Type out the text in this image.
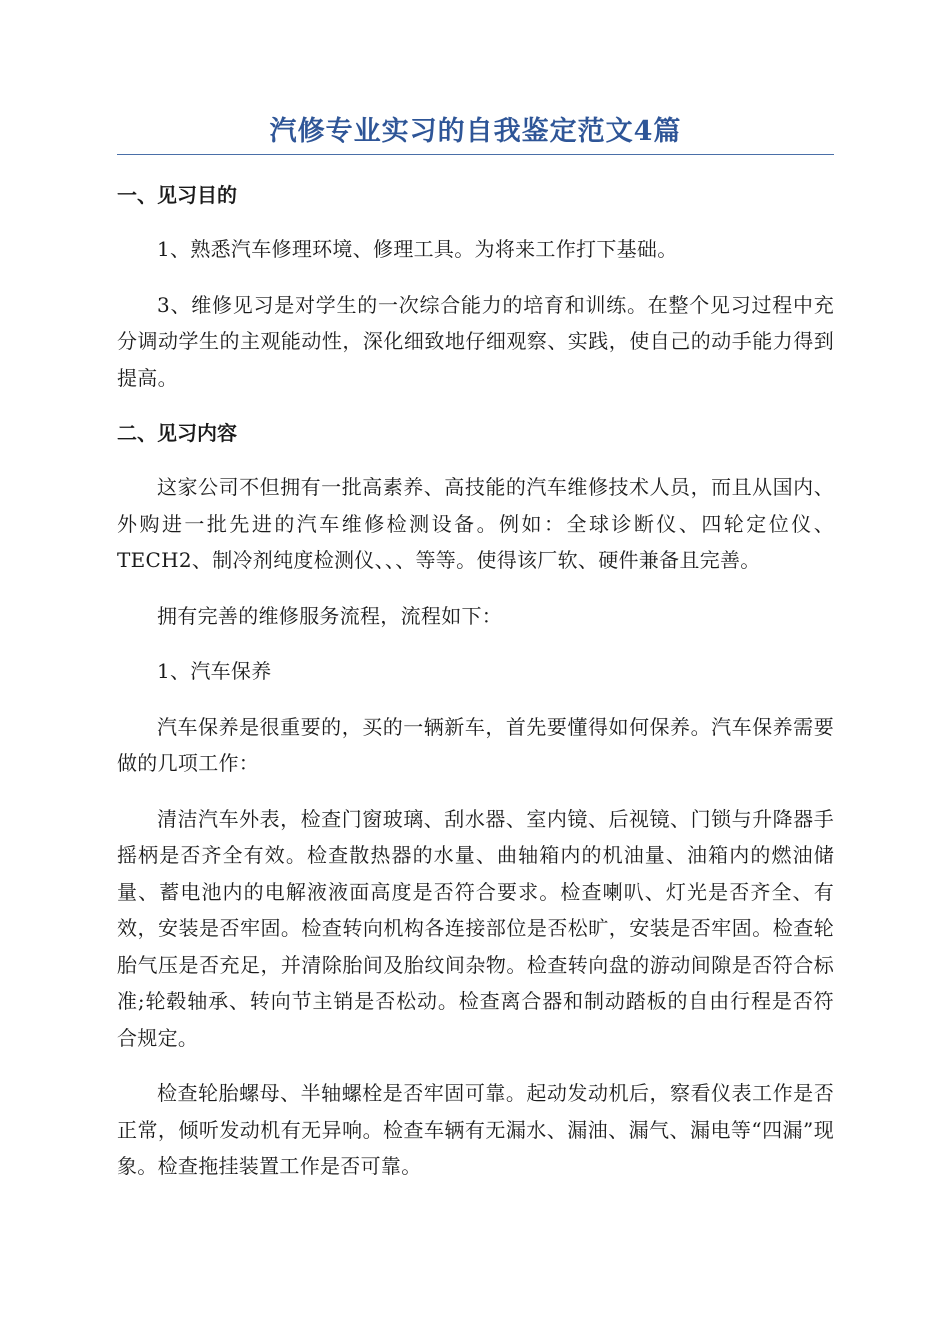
汽修专业实习的自我鉴定范文4篇
一、见习目的

1、熟悉汽车修理环境、修理工具。为将来工作打下基础。

3、维修见习是对学生的一次综合能力的培育和训练。在整个见习过程中充分调动学生的主观能动性，深化细致地仔细观察、实践，使自己的动手能力得到提高。

二、见习内容

这家公司不但拥有一批高素养、高技能的汽车维修技术人员，而且从国内、外购进一批先进的汽车维修检测设备。例如：全球诊断仪、四轮定位仪、TECH2、制冷剂纯度检测仪、、、等等。使得该厂软、硬件兼备且完善。

拥有完善的维修服务流程，流程如下：

1、汽车保养

汽车保养是很重要的，买的一辆新车，首先要懂得如何保养。汽车保养需要做的几项工作：

清洁汽车外表，检查门窗玻璃、刮水器、室内镜、后视镜、门锁与升降器手摇柄是否齐全有效。检查散热器的水量、曲轴箱内的机油量、油箱内的燃油储量、蓄电池内的电解液液面高度是否符合要求。检查喇叭、灯光是否齐全、有效，安装是否牢固。检查转向机构各连接部位是否松旷，安装是否牢固。检查轮胎气压是否充足，并清除胎间及胎纹间杂物。检查转向盘的游动间隙是否符合标准;轮毂轴承、转向节主销是否松动。检查离合器和制动踏板的自由行程是否符合规定。

检查轮胎螺母、半轴螺栓是否牢固可靠。起动发动机后，察看仪表工作是否正常，倾听发动机有无异响。检查车辆有无漏水、漏油、漏气、漏电等“四漏”现象。检查拖挂装置工作是否可靠。
